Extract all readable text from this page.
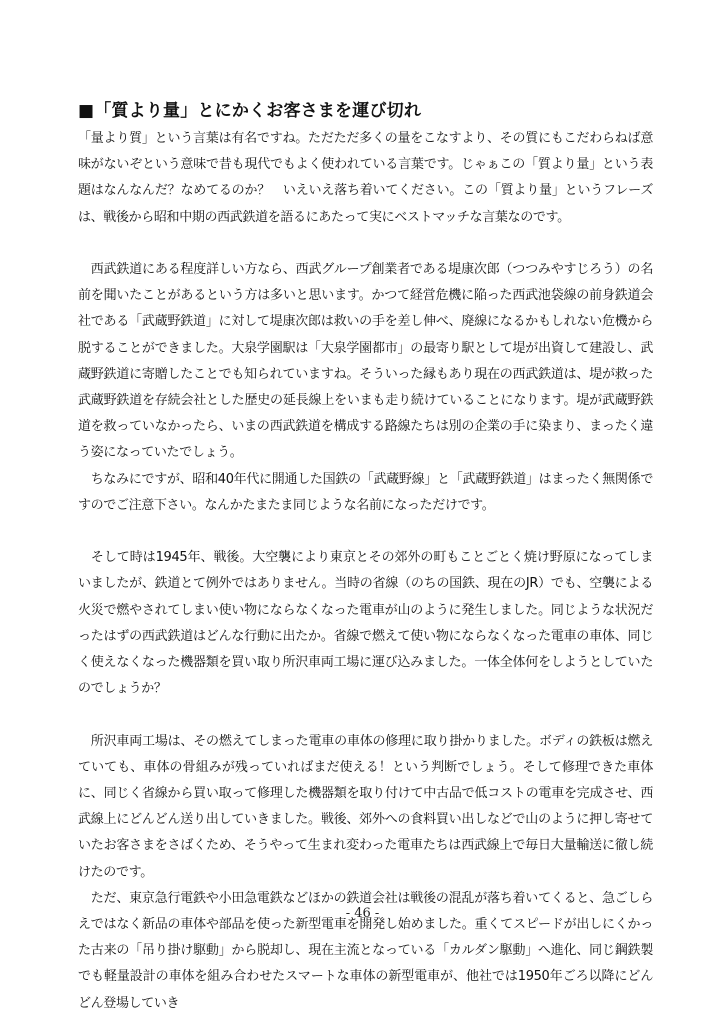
■「質より量」とにかくお客さまを運び切れ

「量より質」という言葉は有名ですね。ただただ多くの量をこなすより、その質にもこだわらねば意味がないぞという意味で昔も現代でもよく使われている言葉です。じゃぁこの「質より量」という表題はなんなんだ？なめてるのか？　いえいえ落ち着いてください。この「質より量」というフレーズは、戦後から昭和中期の西武鉄道を語るにあたって実にベストマッチな言葉なのです。

　西武鉄道にある程度詳しい方なら、西武グループ創業者である堤康次郎（つつみやすじろう）の名前を聞いたことがあるという方は多いと思います。かつて経営危機に陥った西武池袋線の前身鉄道会社である「武蔵野鉄道」に対して堤康次郎は救いの手を差し伸べ、廃線になるかもしれない危機から脱することができました。大泉学園駅は「大泉学園都市」の最寄り駅として堤が出資して建設し、武蔵野鉄道に寄贈したことでも知られていますね。そういった縁もあり現在の西武鉄道は、堤が救った武蔵野鉄道を存続会社とした歴史の延長線上をいまも走り続けていることになります。堤が武蔵野鉄道を救っていなかったら、いまの西武鉄道を構成する路線たちは別の企業の手に染まり、まったく違う姿になっていたでしょう。

　ちなみにですが、昭和40年代に開通した国鉄の「武蔵野線」と「武蔵野鉄道」はまったく無関係ですのでご注意下さい。なんかたまたま同じような名前になっただけです。

　そして時は1945年、戦後。大空襲により東京とその郊外の町もことごとく焼け野原になってしまいましたが、鉄道とて例外ではありません。当時の省線（のちの国鉄、現在のJR）でも、空襲による火災で燃やされてしまい使い物にならなくなった電車が山のように発生しました。同じような状況だったはずの西武鉄道はどんな行動に出たか。省線で燃えて使い物にならなくなった電車の車体、同じく使えなくなった機器類を買い取り所沢車両工場に運び込みました。一体全体何をしようとしていたのでしょうか？

　所沢車両工場は、その燃えてしまった電車の車体の修理に取り掛かりました。ボディの鉄板は燃えていても、車体の骨組みが残っていればまだ使える！という判断でしょう。そして修理できた車体に、同じく省線から買い取って修理した機器類を取り付けて中古品で低コストの電車を完成させ、西武線上にどんどん送り出していきました。戦後、郊外への食料買い出しなどで山のように押し寄せていたお客さまをさばくため、そうやって生まれ変わった電車たちは西武線上で毎日大量輸送に徹し続けたのです。

　ただ、東京急行電鉄や小田急電鉄などほかの鉄道会社は戦後の混乱が落ち着いてくると、急ごしらえではなく新品の車体や部品を使った新型電車を開発し始めました。重くてスピードが出しにくかった古来の「吊り掛け駆動」から脱却し、現在主流となっている「カルダン駆動」へ進化、同じ鋼鉄製でも軽量設計の車体を組み合わせたスマートな車体の新型電車が、他社では1950年ごろ以降にどんどん登場していき

- 46 -
